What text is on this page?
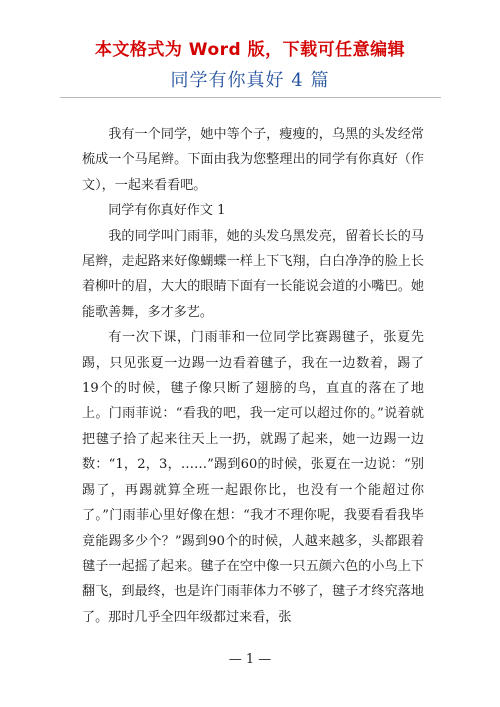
本文格式为 Word 版，下载可任意编辑
同学有你真好 4 篇

我有一个同学，她中等个子，瘦瘦的，乌黑的头发经常梳成一个马尾辫。下面由我为您整理出的同学有你真好（作文），一起来看看吧。

同学有你真好作文 1

我的同学叫门雨菲，她的头发乌黑发亮，留着长长的马尾辫，走起路来好像蝴蝶一样上下飞翔，白白净净的脸上长着柳叶的眉，大大的眼睛下面有一长能说会道的小嘴巴。她能歌善舞，多才多艺。

有一次下课，门雨菲和一位同学比赛踢毽子，张夏先踢，只见张夏一边踢一边看着毽子，我在一边数着，踢了19个的时候，毽子像只断了翅膀的鸟，直直的落在了地上。门雨菲说：“看我的吧，我一定可以超过你的。”说着就把毽子拾了起来往天上一扔，就踢了起来，她一边踢一边数：“1，2，3，……”踢到60的时候，张夏在一边说：“别踢了，再踢就算全班一起跟你比，也没有一个能超过你了。”门雨菲心里好像在想：“我才不理你呢，我要看看我毕竟能踢多少个？”踢到90个的时候，人越来越多，头都跟着毽子一起摇了起来。毽子在空中像一只五颜六色的小鸟上下翻飞，到最终，也是许门雨菲体力不够了，毽子才终究落地了。那时几乎全四年级都过来看，张

— 1 —
